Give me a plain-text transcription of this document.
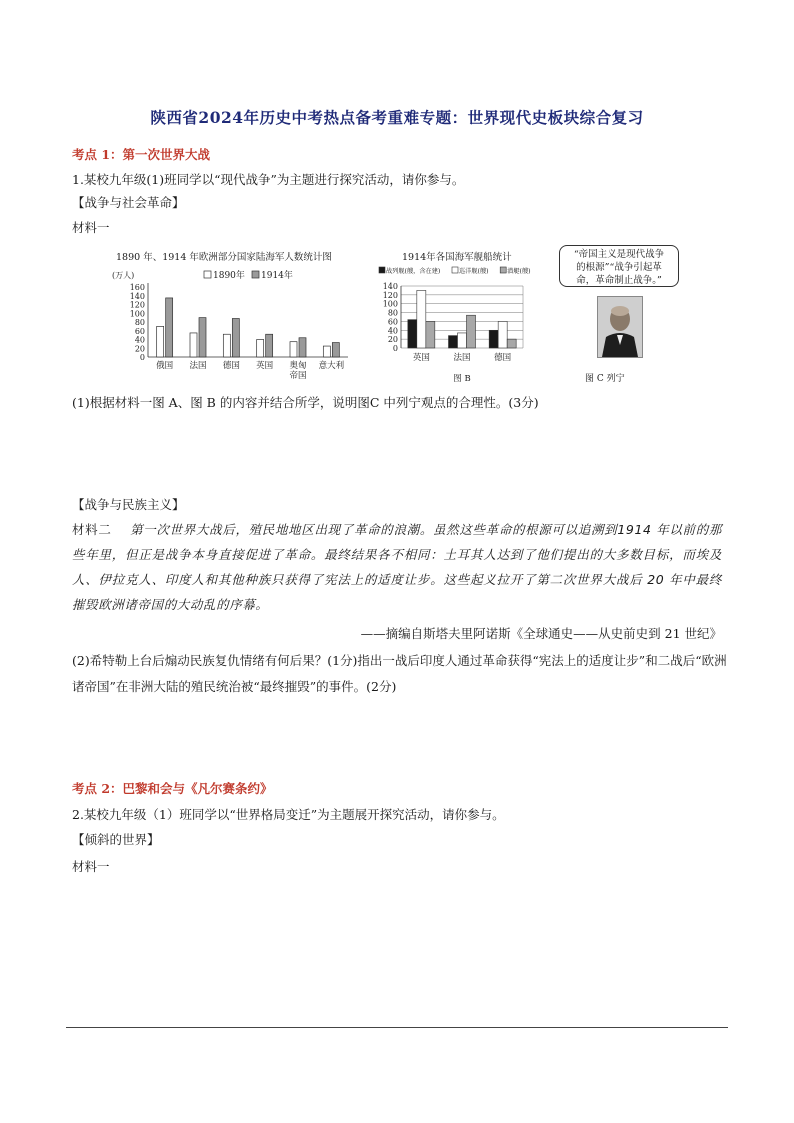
陕西省2024年历史中考热点备考重难专题：世界现代史板块综合复习
考点 1：第一次世界大战
1.某校九年级(1)班同学以“现代战争”为主题进行探究活动，请你参与。
【战争与社会革命】
材料一
1890 年、1914 年欧洲部分国家陆海军人数统计图
(万人)	1890年 1914年
0
20
40
60
80
100
120
140
160
俄国 法国 德国 英国 奥匈
帝国
意大利
1914年各国海军舰船统计
战列舰(艘，含在建)	巡洋舰(艘)	潜艇(艘)
0
20
40
60
80
100
120
140
英国	法国	德国
图 B
“帝国主义是现代战争
的根源”“战争引起革
命，革命制止战争。”
图 C 列宁
(1)根据材料一图 A、图 B 的内容并结合所学，说明图C 中列宁观点的合理性。(3分)
【战争与民族主义】
材料二 第一次世界大战后，殖民地地区出现了革命的浪潮。虽然这些革命的根源可以追溯到1914 年以前的那些年里，但正是战争本身直接促进了革命。最终结果各不相同：土耳其人达到了他们提出的大多数目标，而埃及人、伊拉克人、印度人和其他种族只获得了宪法上的适度让步。这些起义拉开了第二次世界大战后 20 年中最终摧毁欧洲诸帝国的大动乱的序幕。
——摘编自斯塔夫里阿诺斯《全球通史——从史前史到 21 世纪》
(2)希特勒上台后煽动民族复仇情绪有何后果？(1分)指出一战后印度人通过革命获得“宪法上的适度让步”和二战后“欧洲诸帝国”在非洲大陆的殖民统治被“最终摧毁”的事件。(2分)
考点 2：巴黎和会与《凡尔赛条约》
2.某校九年级（1）班同学以“世界格局变迁”为主题展开探究活动，请你参与。
【倾斜的世界】
材料一
